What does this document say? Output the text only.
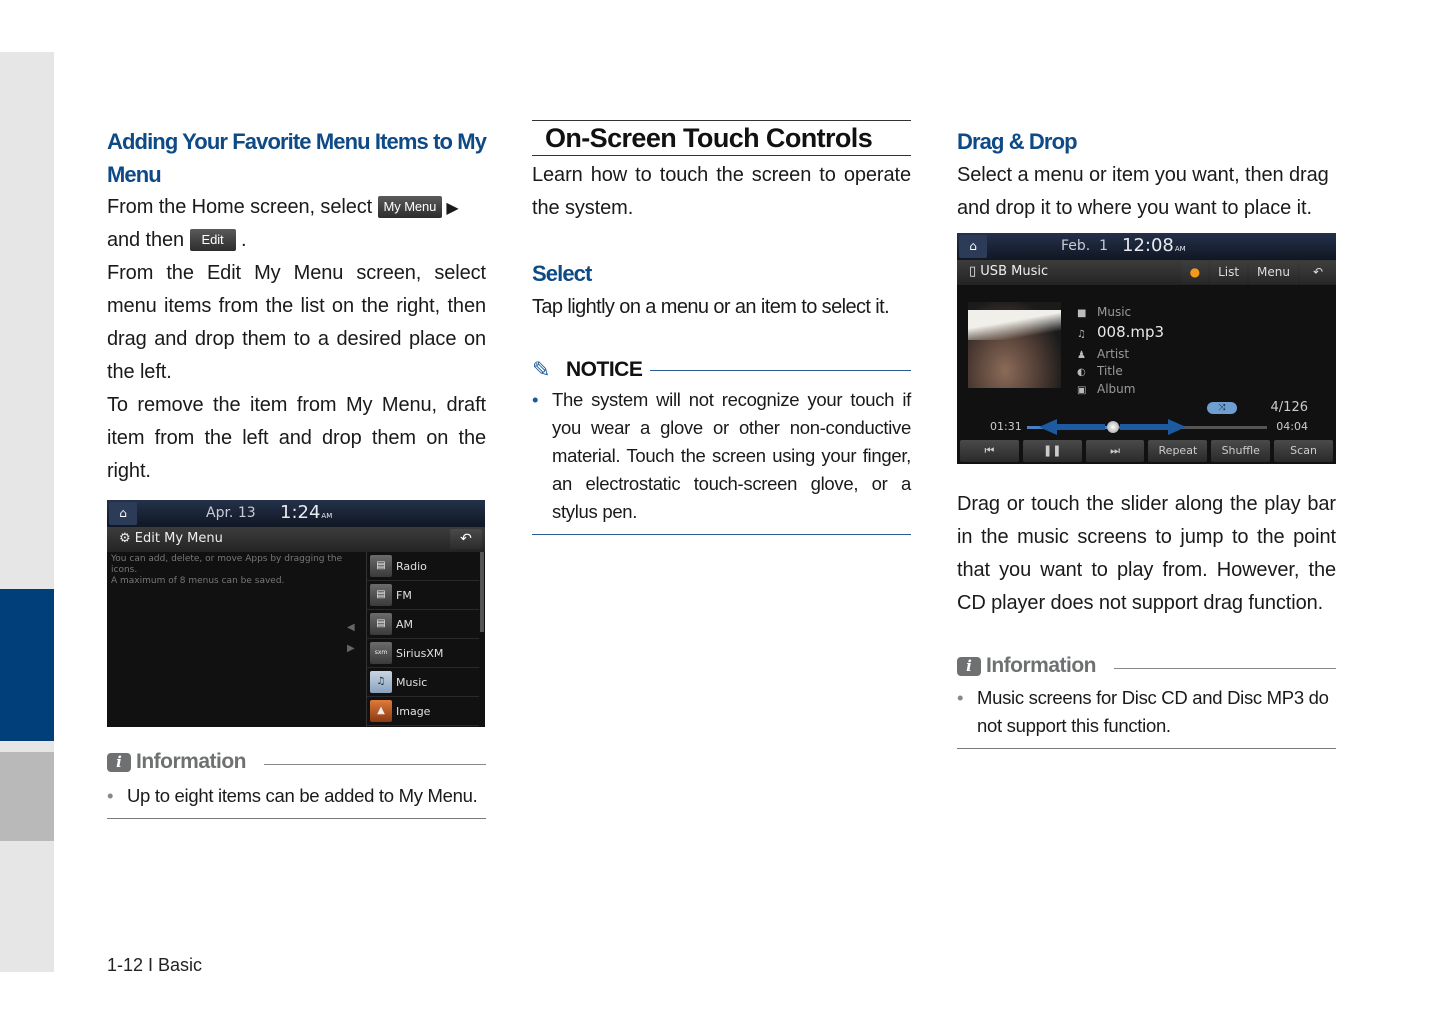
Adding Your Favorite Menu Items to My Menu
From the Home screen, select My Menu ▶
and then Edit .
From the Edit My Menu screen, select menu items from the list on the right, then drag and drop them to a desired place on the left.
To remove the item from My Menu, draft item from the left and drop them on the right.
⌂	Apr. 13 1:24AM
⚙ Edit My Menu	↶
You can add, delete, or move Apps by dragging the icons.
A maximum of 8 menus can be saved.
◀
▶
▤ Radio
▤ FM
▤ AM
sxm SiriusXM
♫ Music
▲	Image
i Information
• Up to eight items can be added to My Menu.
On-Screen Touch Controls
Learn how to touch the screen to operate the system.
Select
Tap lightly on a menu or an item to select it.
✎ NOTICE
• The system will not recognize your touch if you wear a glove or other non-conductive material. Touch the screen using your finger, an electrostatic touch-screen glove, or a stylus pen.
Drag & Drop
Select a menu or item you want, then drag and drop it to where you want to place it.
⌂	Feb.  1 12:08AM
▯ USB Music	●	List	Menu	↶
■ Music
♫ 008.mp3
♟ Artist
◐ Title
▣ Album
⤨	4/126
01:31	04:04
⏮	❚❚	⏭	Repeat	Shuffle	Scan
Drag or touch the slider along the play bar in the music screens to jump to the point that you want to play from. However, the CD player does not support drag function.
i Information
• Music screens for Disc CD and Disc MP3 do not support this function.
1-12 I Basic
